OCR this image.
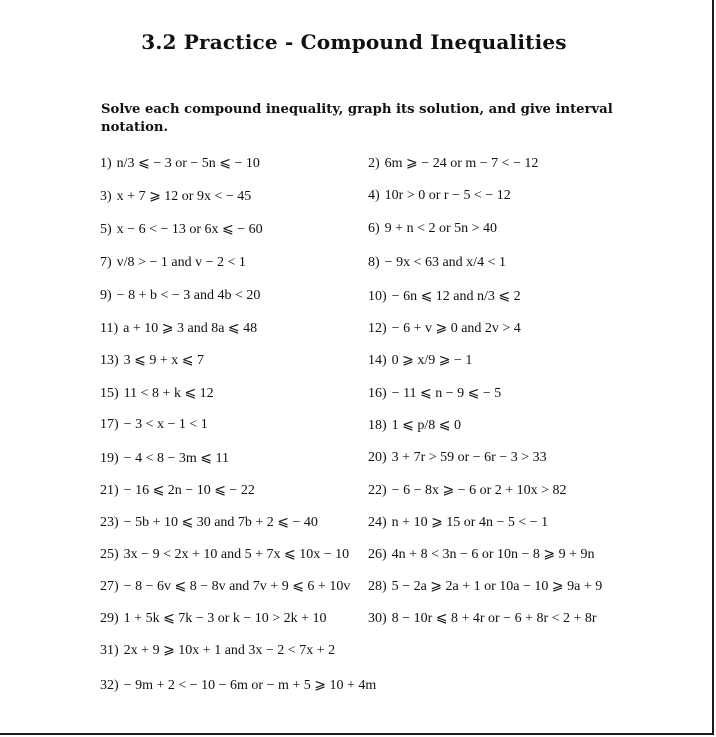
3.2 Practice - Compound Inequalities
Solve each compound inequality, graph its solution, and give interval notation.
1) n/3 ⩽ − 3 or − 5n ⩽ − 10	2) 6m ⩾ − 24 or m − 7 < − 12
3) x + 7 ⩾ 12 or 9x < − 45	4) 10r > 0 or r − 5 < − 12
5) x − 6 < − 13 or 6x ⩽ − 60	6) 9 + n < 2 or 5n > 40
7) v/8 > − 1 and v − 2 < 1	8) − 9x < 63 and x/4 < 1
9) − 8 + b < − 3 and 4b < 20	10) − 6n ⩽ 12 and n/3 ⩽ 2
11) a + 10 ⩾ 3 and 8a ⩽ 48	12) − 6 + v ⩾ 0 and 2v > 4
13) 3 ⩽ 9 + x ⩽ 7	14) 0 ⩾ x/9 ⩾ − 1
15) 11 < 8 + k ⩽ 12	16) − 11 ⩽ n − 9 ⩽ − 5
17) − 3 < x − 1 < 1	18) 1 ⩽ p/8 ⩽ 0
19) − 4 < 8 − 3m ⩽ 11	20) 3 + 7r > 59 or − 6r − 3 > 33
21) − 16 ⩽ 2n − 10 ⩽ − 22	22) − 6 − 8x ⩾ − 6 or 2 + 10x > 82
23) − 5b + 10 ⩽ 30 and 7b + 2 ⩽ − 40	24) n + 10 ⩾ 15 or 4n − 5 < − 1
25) 3x − 9 < 2x + 10 and 5 + 7x ⩽ 10x − 10 26) 4n + 8 < 3n − 6 or 10n − 8 ⩾ 9 + 9n
27) − 8 − 6v ⩽ 8 − 8v and 7v + 9 ⩽ 6 + 10v 28) 5 − 2a ⩾ 2a + 1 or 10a − 10 ⩾ 9a + 9
29) 1 + 5k ⩽ 7k − 3 or k − 10 > 2k + 10	30) 8 − 10r ⩽ 8 + 4r or − 6 + 8r < 2 + 8r
31) 2x + 9 ⩾ 10x + 1 and 3x − 2 < 7x + 2
32) − 9m + 2 < − 10 − 6m or − m + 5 ⩾ 10 + 4m
